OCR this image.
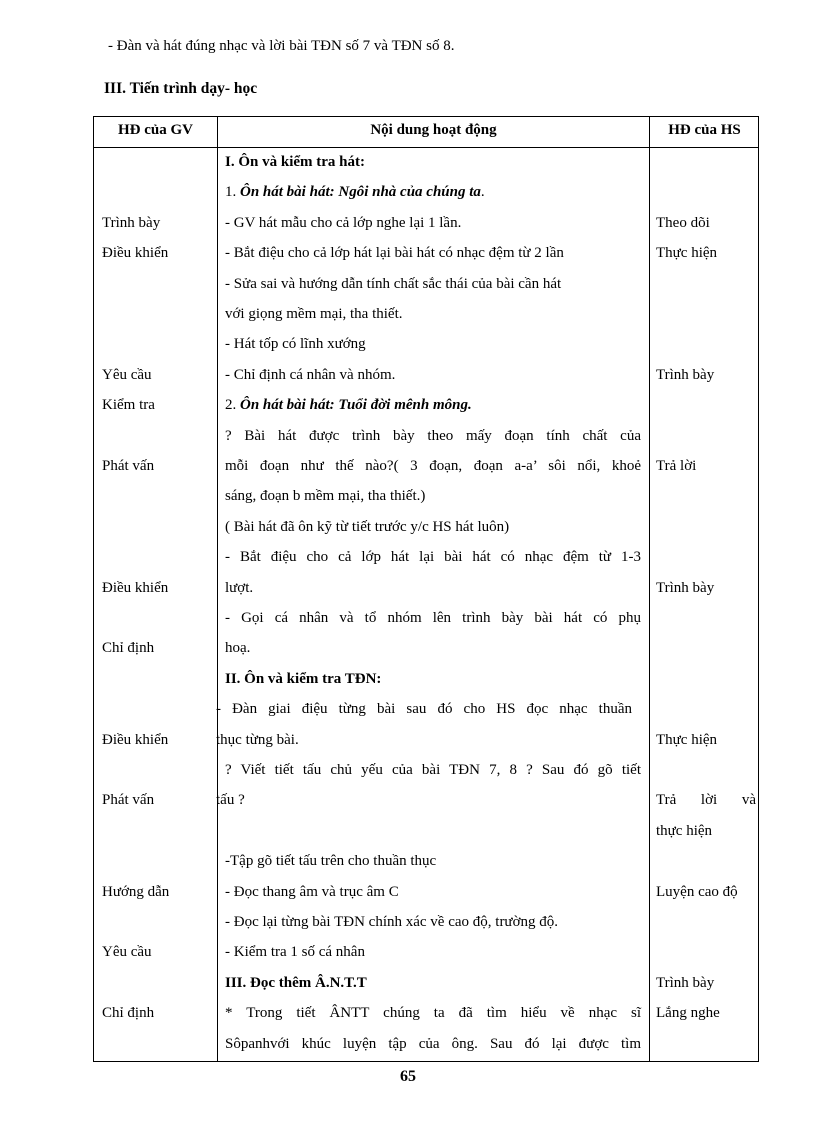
- Đàn và hát đúng nhạc và lời bài TĐN số 7 và TĐN số 8.
III. Tiến trình dạy- học
HĐ của GV	Nội dung hoạt động	HĐ của HS
Trình bày
Điều khiển
Yêu cầu
Kiểm tra
Phát vấn
Điều khiển
Chỉ định
Điều khiển
Phát vấn
Hướng dẫn
Yêu cầu
Chỉ định
I. Ôn và kiểm tra hát:
1. Ôn hát bài hát: Ngôi nhà của chúng ta.
- GV hát mẫu cho cả lớp nghe lại 1 lần.
- Bắt điệu cho cả lớp hát lại bài hát có nhạc đệm từ 2 lần
- Sửa sai và hướng dẫn tính chất sắc thái của bài cần hát
với giọng mềm mại, tha thiết.
- Hát tốp có lĩnh xướng
- Chỉ định cá nhân và nhóm.
2. Ôn hát bài hát: Tuổi đời mênh mông.
? Bài hát được trình bày theo mấy đoạn tính chất của
mỗi đoạn như thế nào?( 3 đoạn, đoạn a-a’ sôi nổi, khoẻ
sáng, đoạn b mềm mại, tha thiết.)
( Bài hát đã ôn kỹ từ tiết trước y/c HS hát luôn)
- Bắt điệu cho cả lớp hát lại bài hát có nhạc đệm từ 1-3
lượt.
- Gọi cá nhân và tổ nhóm lên trình bày bài hát có phụ
hoạ.
II. Ôn và kiểm tra TĐN:
- Đàn giai điệu từng bài sau đó cho HS đọc nhạc thuần
thục từng bài.
? Viết tiết tấu chủ yếu của bài TĐN 7, 8 ? Sau đó gõ tiết
tấu ?
-Tập gõ tiết tấu trên cho thuần thục
- Đọc thang âm và trục âm C
- Đọc lại từng bài TĐN chính xác về cao độ, trường độ.
- Kiểm tra 1 số cá nhân
III. Đọc thêm Â.N.T.T
* Trong tiết ÂNTT chúng ta đã tìm hiểu về nhạc sĩ
Sôpanhvới khúc luyện tập của ông. Sau đó lại được tìm
Theo dõi
Thực hiện
Trình bày
Trả lời
Trình bày
Thực hiện
Trả lời và
thực hiện
Luyện cao độ
Trình bày
Lắng nghe
65
